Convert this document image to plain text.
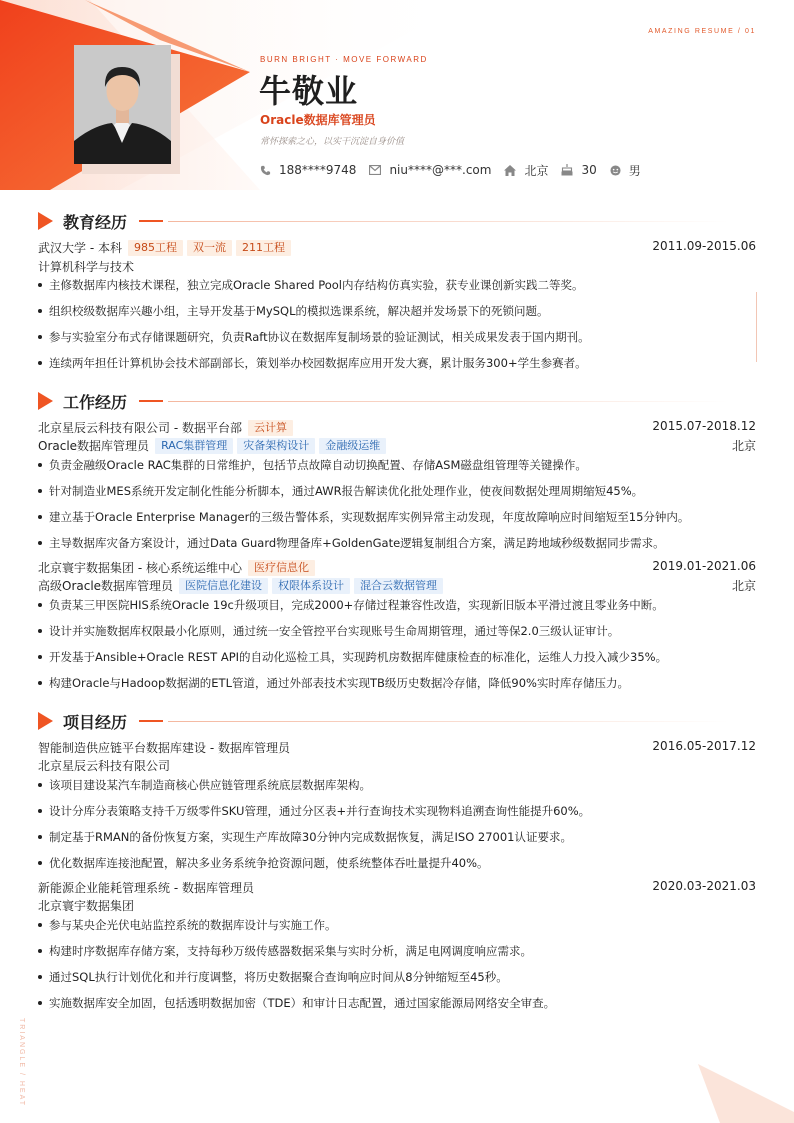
AMAZING RESUME / 01
TRIANGLE / HEAT
BURN BRIGHT · MOVE FORWARD
牛敬业
Oracle数据库管理员
常怀探索之心，以实干沉淀自身价值
188****9748	niu****@***.com	北京	30	男
教育经历
武汉大学 - 本科	985工程	双一流	211工程	2011.09-2015.06
计算机科学与技术
主修数据库内核技术课程，独立完成Oracle Shared Pool内存结构仿真实验，获专业课创新实践二等奖。
组织校级数据库兴趣小组，主导开发基于MySQL的模拟选课系统，解决超并发场景下的死锁问题。
参与实验室分布式存储课题研究，负责Raft协议在数据库复制场景的验证测试，相关成果发表于国内期刊。
连续两年担任计算机协会技术部副部长，策划举办校园数据库应用开发大赛，累计服务300+学生参赛者。
工作经历
北京星辰云科技有限公司 - 数据平台部	云计算	2015.07-2018.12
Oracle数据库管理员	RAC集群管理	灾备架构设计	金融级运维	北京
负责金融级Oracle RAC集群的日常维护，包括节点故障自动切换配置、存储ASM磁盘组管理等关键操作。
针对制造业MES系统开发定制化性能分析脚本，通过AWR报告解读优化批处理作业，使夜间数据处理周期缩短45%。
建立基于Oracle Enterprise Manager的三级告警体系，实现数据库实例异常主动发现，年度故障响应时间缩短至15分钟内。
主导数据库灾备方案设计，通过Data Guard物理备库+GoldenGate逻辑复制组合方案，满足跨地域秒级数据同步需求。
北京寰宇数据集团 - 核心系统运维中心	医疗信息化	2019.01-2021.06
高级Oracle数据库管理员	医院信息化建设	权限体系设计	混合云数据管理	北京
负责某三甲医院HIS系统Oracle 19c升级项目，完成2000+存储过程兼容性改造，实现新旧版本平滑过渡且零业务中断。
设计并实施数据库权限最小化原则，通过统一安全管控平台实现账号生命周期管理，通过等保2.0三级认证审计。
开发基于Ansible+Oracle REST API的自动化巡检工具，实现跨机房数据库健康检查的标准化，运维人力投入减少35%。
构建Oracle与Hadoop数据湖的ETL管道，通过外部表技术实现TB级历史数据冷存储，降低90%实时库存储压力。
项目经历
智能制造供应链平台数据库建设 - 数据库管理员	2016.05-2017.12
北京星辰云科技有限公司
该项目建设某汽车制造商核心供应链管理系统底层数据库架构。
设计分库分表策略支持千万级零件SKU管理，通过分区表+并行查询技术实现物料追溯查询性能提升60%。
制定基于RMAN的备份恢复方案，实现生产库故障30分钟内完成数据恢复，满足ISO 27001认证要求。
优化数据库连接池配置，解决多业务系统争抢资源问题，使系统整体吞吐量提升40%。
新能源企业能耗管理系统 - 数据库管理员	2020.03-2021.03
北京寰宇数据集团
参与某央企光伏电站监控系统的数据库设计与实施工作。
构建时序数据库存储方案，支持每秒万级传感器数据采集与实时分析，满足电网调度响应需求。
通过SQL执行计划优化和并行度调整，将历史数据聚合查询响应时间从8分钟缩短至45秒。
实施数据库安全加固，包括透明数据加密（TDE）和审计日志配置，通过国家能源局网络安全审查。
